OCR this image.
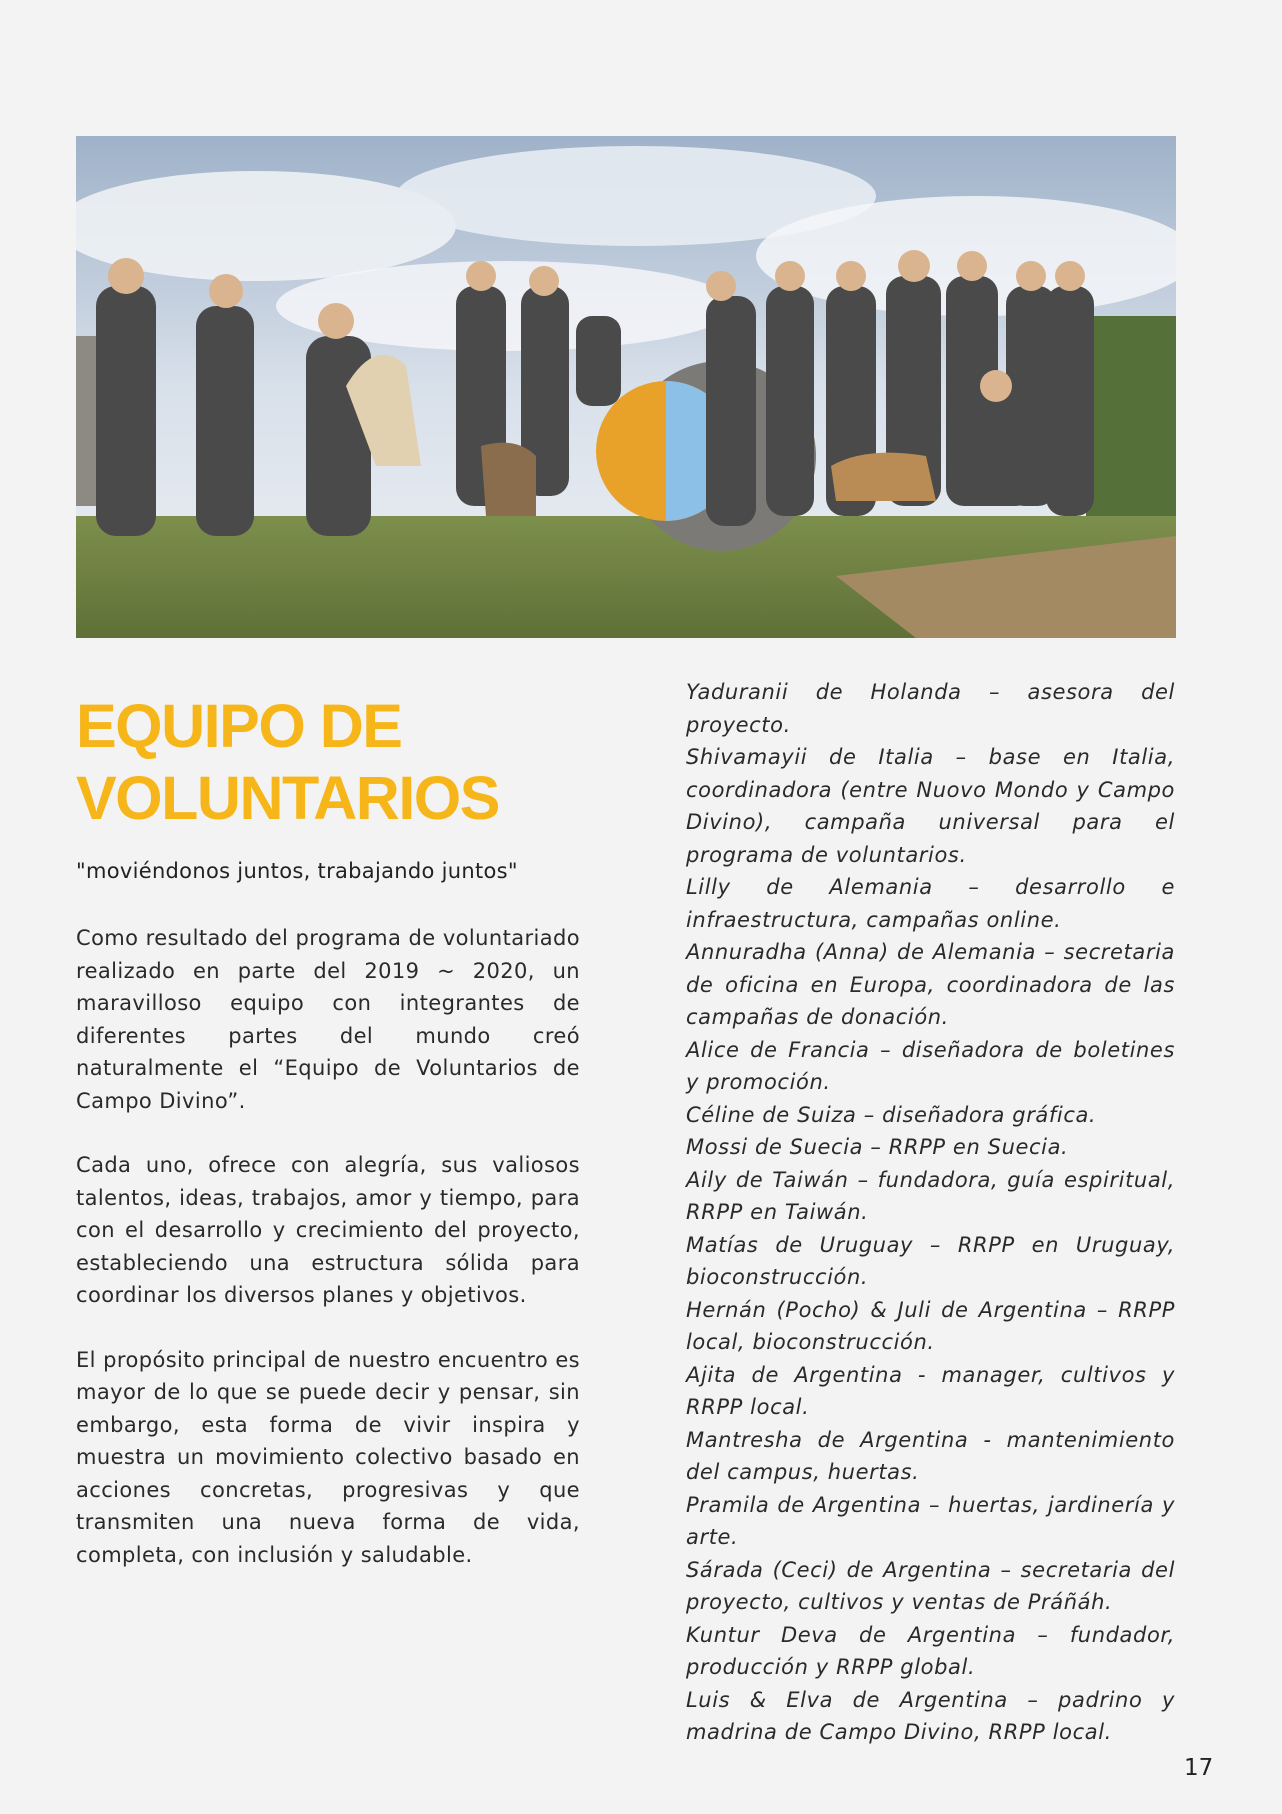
EQUIPO DE
VOLUNTARIOS
"moviéndonos juntos, trabajando juntos"

Como resultado del programa de voluntariado realizado en parte del 2019 ~ 2020, un maravilloso equipo con integrantes de diferentes partes del mundo creó naturalmente el “Equipo de Voluntarios de Campo Divino”.

Cada uno, ofrece con alegría, sus valiosos talentos, ideas, trabajos, amor y tiempo, para con el desarrollo y crecimiento del proyecto, estableciendo una estructura sólida para coordinar los diversos planes y objetivos.

El propósito principal de nuestro encuentro es mayor de lo que se puede decir y pensar, sin embargo, esta forma de vivir inspira y muestra un movimiento colectivo basado en acciones concretas, progresivas y que transmiten una nueva forma de vida, completa, con inclusión y saludable.

Yaduranii de Holanda – asesora del proyecto.
Shivamayii de Italia – base en Italia, coordinadora (entre Nuovo Mondo y Campo Divino), campaña universal para el programa de voluntarios.
Lilly de Alemania – desarrollo e infraestructura, campañas online.
Annuradha (Anna) de Alemania – secretaria de oficina en Europa, coordinadora de las campañas de donación.
Alice de Francia – diseñadora de boletines y promoción.
Céline de Suiza – diseñadora gráfica.
Mossi de Suecia – RRPP en Suecia.
Aily de Taiwán – fundadora, guía espiritual, RRPP en Taiwán.
Matías de Uruguay – RRPP en Uruguay, bioconstrucción.
Hernán (Pocho) & Juli de Argentina – RRPP local, bioconstrucción.
Ajita de Argentina - manager, cultivos y RRPP local.
Mantresha de Argentina - mantenimiento del campus, huertas.
Pramila de Argentina – huertas, jardinería y arte.
Sárada (Ceci) de Argentina – secretaria del proyecto, cultivos y ventas de Práñáh.
Kuntur Deva de Argentina – fundador, producción y RRPP global.
Luis & Elva de Argentina – padrino y madrina de Campo Divino, RRPP local.
17
